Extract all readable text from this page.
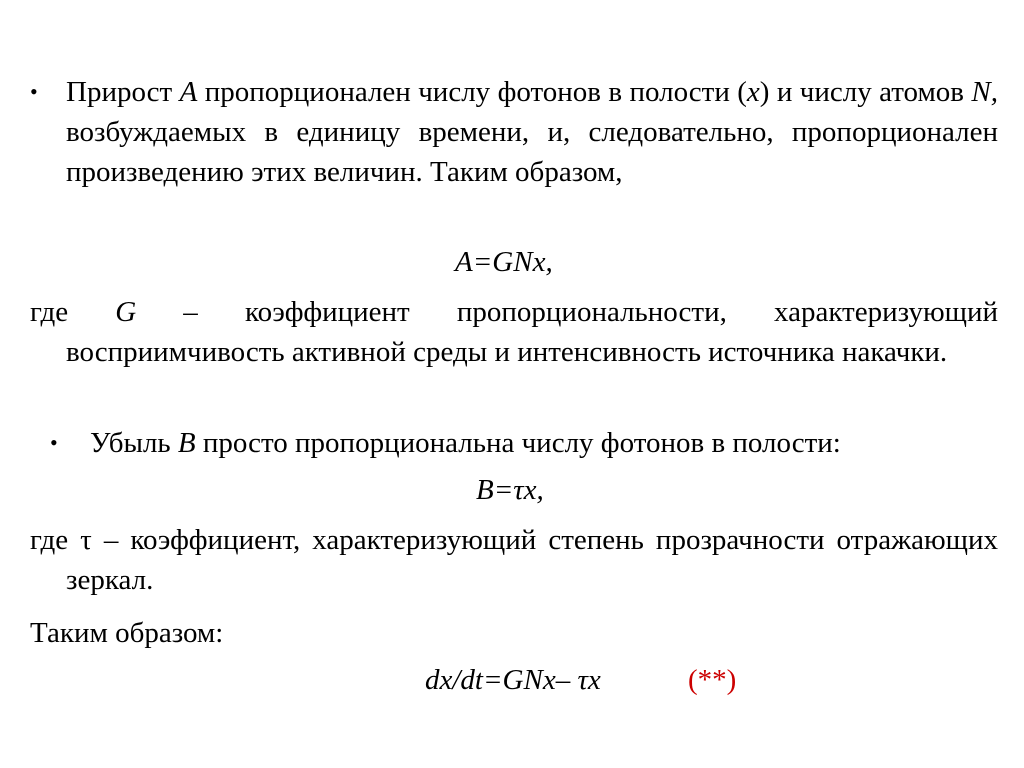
• Прирост A пропорционален числу фотонов в полости (x) и числу атомов N, возбуждаемых в единицу времени, и, следовательно, пропорционален произведению этих величин. Таким образом,
A=GNx,
где G – коэффициент пропорциональности, характеризующий восприимчивость активной среды и интенсивность источника накачки.
• Убыль B просто пропорциональна числу фотонов в полости:
B=τx,
где τ – коэффициент, характеризующий степень прозрачности отражающих зеркал.
Таким образом:
dx/dt=GNx– τx	(**)
